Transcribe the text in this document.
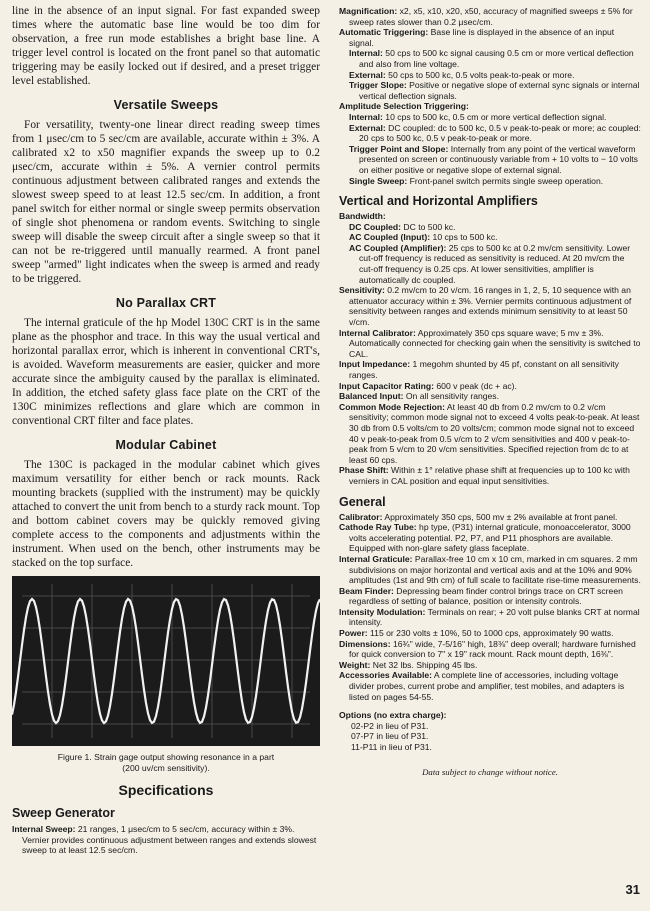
line in the absence of an input signal. For fast expanded sweep times where the automatic base line would be too dim for observation, a free run mode establishes a bright base line. A trigger level control is located on the front panel so that automatic triggering may be easily locked out if desired, and a preset trigger level established.

Versatile Sweeps

For versatility, twenty-one linear direct reading sweep times from 1 μsec/cm to 5 sec/cm are available, accurate within ± 3%. A calibrated x2 to x50 magnifier expands the sweep up to 0.2 μsec/cm, accurate within ± 5%. A vernier control permits continuous adjustment between calibrated ranges and extends the slowest sweep speed to at least 12.5 sec/cm. In addition, a front panel switch for either normal or single sweep permits observation of single shot phenomena or random events. Switching to single sweep will disable the sweep circuit after a single sweep so that it can not be re-triggered until manually rearmed. A front panel sweep "armed" light indicates when the sweep is armed and ready to be triggered.

No Parallax CRT

The internal graticule of the hp Model 130C CRT is in the same plane as the phosphor and trace. In this way the usual vertical and horizontal parallax error, which is inherent in conventional CRT's, is avoided. Waveform measurements are easier, quicker and more accurate since the ambiguity caused by the parallax is eliminated. In addition, the etched safety glass face plate on the CRT of the 130C minimizes reflections and glare which are common in conventional CRT filter and face plates.

Modular Cabinet

The 130C is packaged in the modular cabinet which gives maximum versatility for either bench or rack mounts. Rack mounting brackets (supplied with the instrument) may be quickly attached to convert the unit from bench to a sturdy rack mount. Top and bottom cabinet covers may be quickly removed giving complete access to the components and adjustments within the instrument. When used on the bench, other instruments may be stacked on the top surface.

Figure 1. Strain gage output showing resonance in a part
(200 uv/cm sensitivity).
Specifications
Sweep Generator
Internal Sweep: 21 ranges, 1 μsec/cm to 5 sec/cm, accuracy within ± 3%. Vernier provides continuous adjustment between ranges and extends slowest sweep to at least 12.5 sec/cm.
Magnification: x2, x5, x10, x20, x50, accuracy of magnified sweeps ± 5% for sweep rates slower than 0.2 μsec/cm.
Automatic Triggering: Base line is displayed in the absence of an input signal.
Internal: 50 cps to 500 kc signal causing 0.5 cm or more vertical deflection and also from line voltage.
External: 50 cps to 500 kc, 0.5 volts peak-to-peak or more.
Trigger Slope: Positive or negative slope of external sync signals or internal vertical deflection signals.
Amplitude Selection Triggering:
Internal: 10 cps to 500 kc, 0.5 cm or more vertical deflection signal.
External: DC coupled: dc to 500 kc, 0.5 v peak-to-peak or more; ac coupled: 20 cps to 500 kc, 0.5 v peak-to-peak or more.
Trigger Point and Slope: Internally from any point of the vertical waveform presented on screen or continuously variable from + 10 volts to − 10 volts on either positive or negative slope of external signal.
Single Sweep: Front-panel switch permits single sweep operation.
Vertical and Horizontal Amplifiers
Bandwidth:
DC Coupled: DC to 500 kc.
AC Coupled (Input): 10 cps to 500 kc.
AC Coupled (Amplifier): 25 cps to 500 kc at 0.2 mv/cm sensitivity. Lower cut-off frequency is reduced as sensitivity is reduced. At 20 mv/cm the cut-off frequency is 0.25 cps. At lower sensitivities, amplifier is automatically dc coupled.
Sensitivity: 0.2 mv/cm to 20 v/cm. 16 ranges in 1, 2, 5, 10 sequence with an attenuator accuracy within ± 3%. Vernier permits continuous adjustment of sensitivity between ranges and extends minimum sensitivity to at least 50 v/cm.
Internal Calibrator: Approximately 350 cps square wave; 5 mv ± 3%. Automatically connected for checking gain when the sensitivity is switched to CAL.
Input Impedance: 1 megohm shunted by 45 pf, constant on all sensitivity ranges.
Input Capacitor Rating: 600 v peak (dc + ac).
Balanced Input: On all sensitivity ranges.
Common Mode Rejection: At least 40 db from 0.2 mv/cm to 0.2 v/cm sensitivity; common mode signal not to exceed 4 volts peak-to-peak. At least 30 db from 0.5 volts/cm to 20 volts/cm; common mode signal not to exceed 40 v peak-to-peak from 0.5 v/cm to 2 v/cm sensitivities and 400 v peak-to-peak from 5 v/cm to 20 v/cm sensitivities. Specified rejection from dc to at least 60 cps.
Phase Shift: Within ± 1° relative phase shift at frequencies up to 100 kc with verniers in CAL position and equal input sensitivities.
General
Calibrator: Approximately 350 cps, 500 mv ± 2% available at front panel.
Cathode Ray Tube: hp type, (P31) internal graticule, monoaccelerator, 3000 volts accelerating potential. P2, P7, and P11 phosphors are available. Equipped with non-glare safety glass faceplate.
Internal Graticule: Parallax-free 10 cm x 10 cm, marked in cm squares. 2 mm subdivisions on major horizontal and vertical axis and at the 10% and 90% amplitudes (1st and 9th cm) of full scale to facilitate rise-time measurements.
Beam Finder: Depressing beam finder control brings trace on CRT screen regardless of setting of balance, position or intensity controls.
Intensity Modulation: Terminals on rear; + 20 volt pulse blanks CRT at normal intensity.
Power: 115 or 230 volts ± 10%, 50 to 1000 cps, approximately 90 watts.
Dimensions: 16¾" wide, 7-5/16" high, 18⅜" deep overall; hardware furnished for quick conversion to 7" x 19" rack mount. Rack mount depth, 16⅜".
Weight: Net 32 lbs. Shipping 45 lbs.
Accessories Available: A complete line of accessories, including voltage divider probes, current probe and amplifier, test mobiles, and adapters is listed on pages 54-55.
Options (no extra charge):
02-P2 in lieu of P31.
07-P7 in lieu of P31.
11-P11 in lieu of P31.
Data subject to change without notice.
31
